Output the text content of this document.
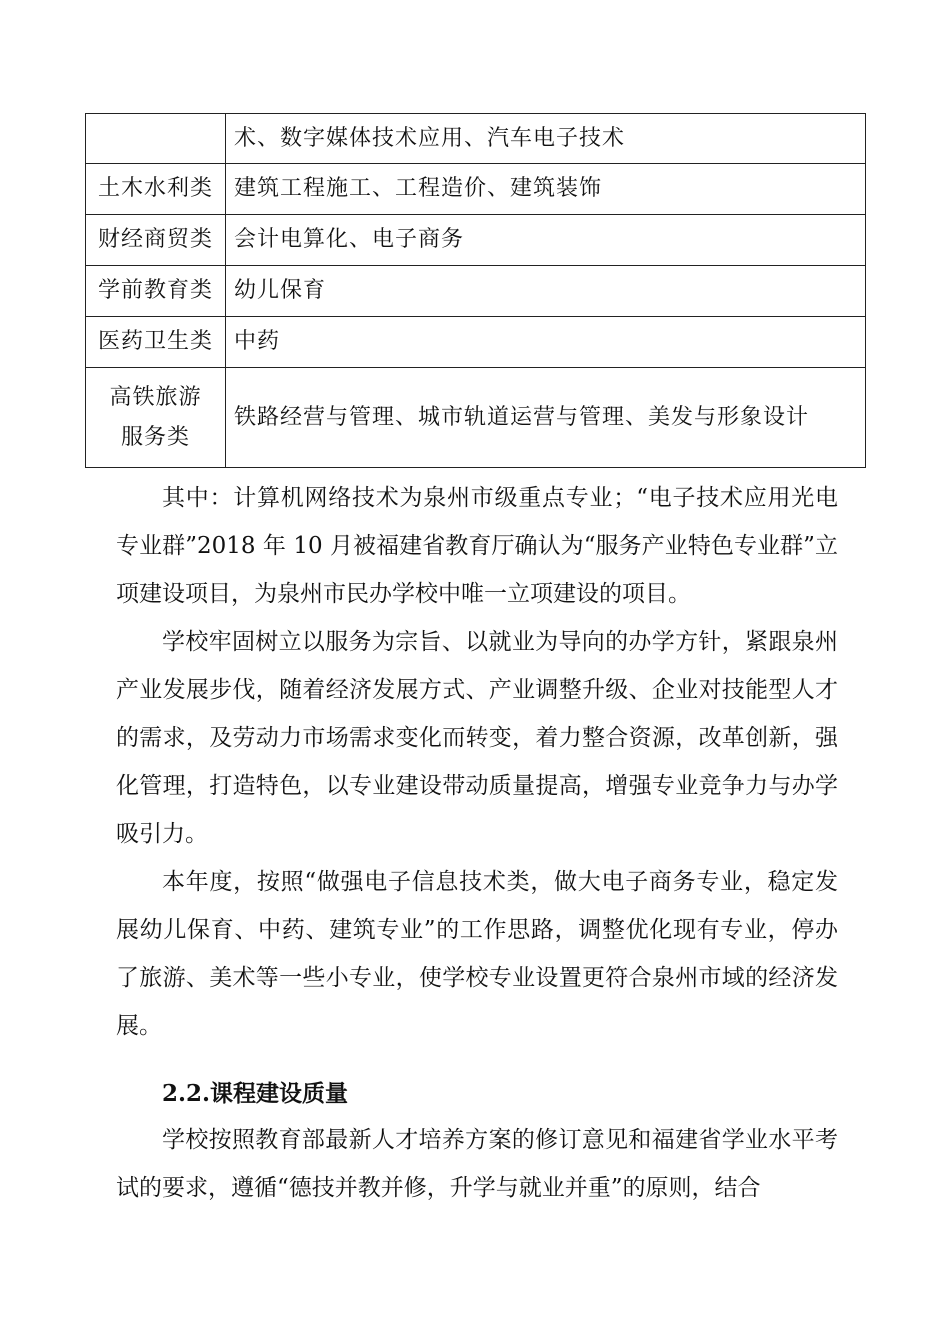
	术、数字媒体技术应用、汽车电子技术
土木水利类	建筑工程施工、工程造价、建筑装饰
财经商贸类	会计电算化、电子商务
学前教育类	幼儿保育
医药卫生类	中药

高铁旅游
服务类	铁路经营与管理、城市轨道运营与管理、美发与形象设计

其中：计算机网络技术为泉州市级重点专业；“电子技术应用光电专业群”2018 年 10 月被福建省教育厅确认为“服务产业特色专业群”立项建设项目，为泉州市民办学校中唯一立项建设的项目。

学校牢固树立以服务为宗旨、以就业为导向的办学方针，紧跟泉州产业发展步伐，随着经济发展方式、产业调整升级、企业对技能型人才的需求，及劳动力市场需求变化而转变，着力整合资源，改革创新，强化管理，打造特色，以专业建设带动质量提高，增强专业竞争力与办学吸引力。

本年度，按照“做强电子信息技术类，做大电子商务专业，稳定发展幼儿保育、中药、建筑专业”的工作思路，调整优化现有专业，停办了旅游、美术等一些小专业，使学校专业设置更符合泉州市域的经济发展。

2.2.课程建设质量

学校按照教育部最新人才培养方案的修订意见和福建省学业水平考试的要求，遵循“德技并教并修，升学与就业并重”的原则，结合
